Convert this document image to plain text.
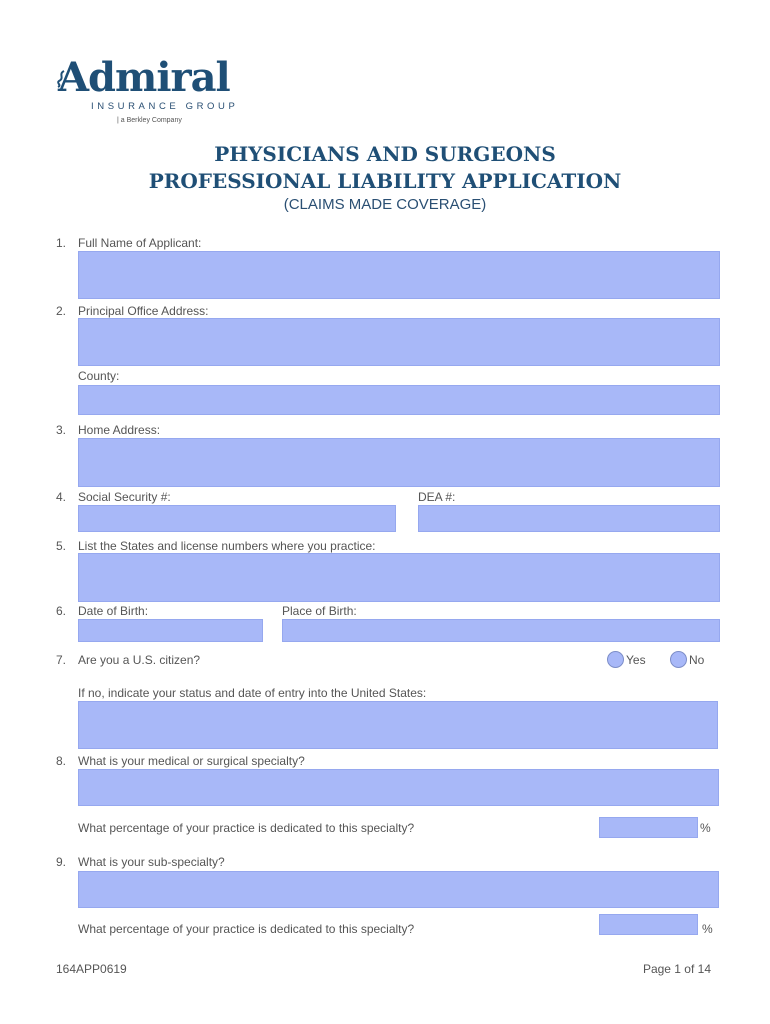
Admiral
INSURANCE GROUP
| a Berkley Company
PHYSICIANS AND SURGEONS
PROFESSIONAL LIABILITY APPLICATION
(CLAIMS MADE COVERAGE)
1. Full Name of Applicant:
2. Principal Office Address:
County:
3. Home Address:
4. Social Security #:	DEA #:
5. List the States and license numbers where you practice:
6. Date of Birth:	Place of Birth:
7. Are you a U.S. citizen?	Yes	No
If no, indicate your status and date of entry into the United States:
8. What is your medical or surgical specialty?
What percentage of your practice is dedicated to this specialty?	%
9. What is your sub-specialty?
What percentage of your practice is dedicated to this specialty?	%
164APP0619	Page 1 of 14
